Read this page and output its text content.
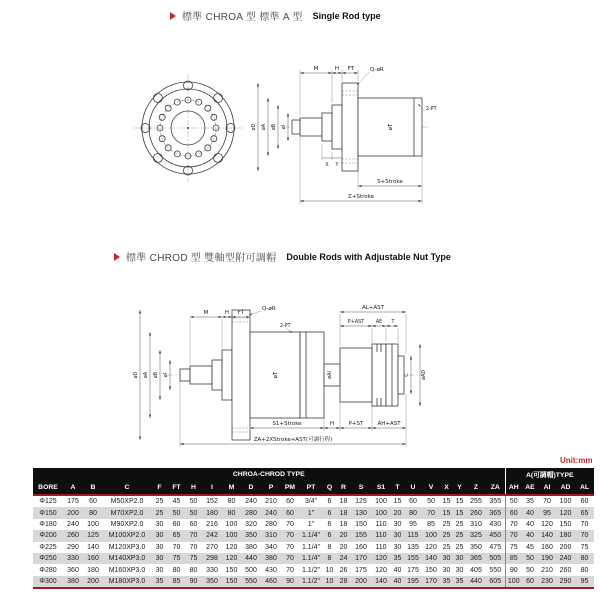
標準 CHROA 型 標準 A 型 Single Rod type
M	H FT	Q-øR
2-PT
øT
øD øA øB øI
X Y
S+Stroke
Z+Stroke
標準 CHROD 型 雙軸型附可調帽 Double Rods with Adjustable Nut Type
M	H FT
Q-øR
2-PT
AL+AST
P+AST AE T
øAI
øT	C	øAD
øD øA øB øI
S1+Stroke	H	P+ST	AH+AST
ZA+2XStroke+AST(可調行程)
Unit:mm
CHROA-CHROD TYPE																								A(可調帽)TYPE				
BORE	A	B	C	F	FT	H	I	M	D	P	PM	PT	Q	R	S	S1	T	U	V	X	Y	Z	ZA	AH	AE	AI	AD	AL
Φ125	175	60	M50XP2.0	25	45	50	152	80	240	210	60	3/4"	6	18	125	100	15	60	50	15	15	255	355	50	35	70	100	60
Φ150	200	80	M70XP2.0	25	50	50	180	80	280	240	60	1"	6	18	130	100	20	80	70	15	15	260	365	60	40	95	120	65
Φ180	240	100	M90XP2.0	30	60	60	216	100	320	280	70	1"	6	18	150	110	30	95	85	25	25	310	430	70	40	120	150	70
Φ200	260	125	M100XP2.0	30	65	70	242	100	350	310	70	1.1/4"	6	20	155	110	30	115	100	25	25	325	450	70	40	140	180	70
Φ225	290	140	M120XP3.0	30	70	70	270	120	380	340	70	1.1/4"	8	20	160	110	30	135	120	25	25	350	475	75	45	160	200	75
Φ250	330	160	M140XP3.0	30	75	75	298	120	440	380	70	1.1/4"	8	24	170	120	35	155	140	30	30	365	505	85	50	190	240	80
Φ280	360	180	M160XP3.0	30	80	80	330	150	500	430	70	1.1/2"	10	26	175	120	40	175	150	30	30	405	550	90	50	210	260	80
Φ300	380	200	M180XP3.0	35	85	90	350	150	550	460	90	1.1/2"	10	28	200	140	40	195	170	35	35	440	605	100	60	230	290	95
